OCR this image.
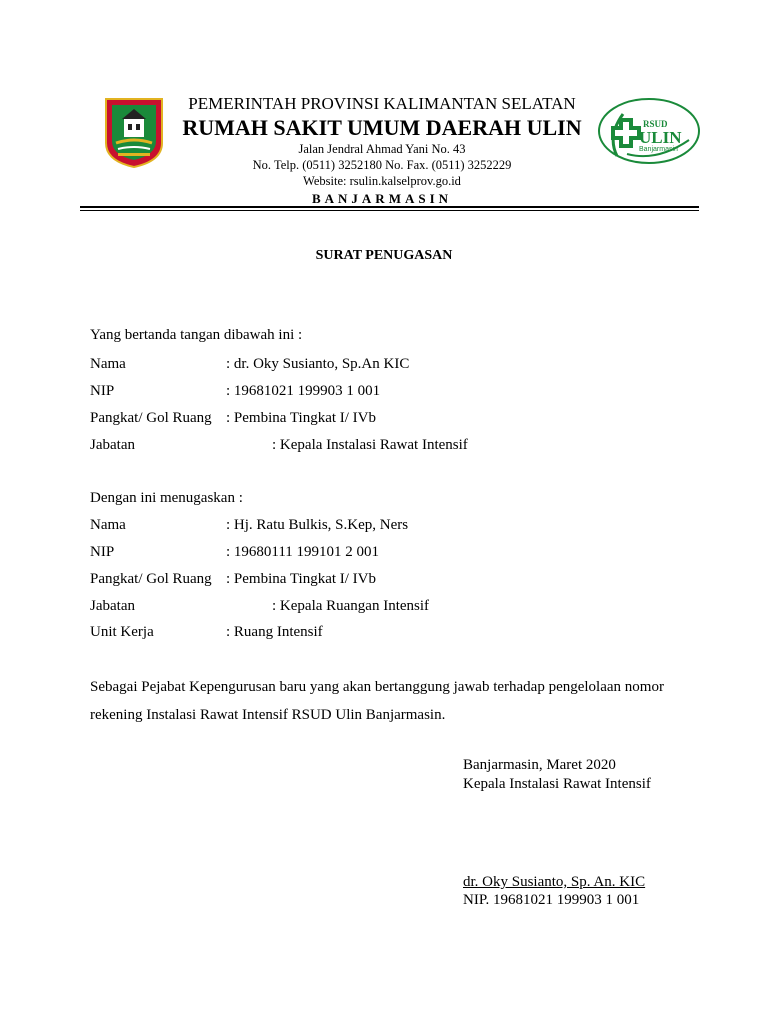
PEMERINTAH PROVINSI KALIMANTAN SELATAN
RUMAH SAKIT UMUM DAERAH ULIN
Jalan Jendral Ahmad Yani No. 43
No. Telp. (0511) 3252180 No. Fax. (0511) 3252229
Website: rsulin.kalselprov.go.id
BANJARMASIN
RSUD
ULIN
Banjarmasin
SURAT PENUGASAN
Yang bertanda tangan dibawah ini :
Nama	: dr. Oky Susianto, Sp.An KIC
NIP	: 19681021 199903 1 001
Pangkat/ Gol Ruang : Pembina Tingkat I/ IVb
Jabatan	: Kepala Instalasi Rawat Intensif
Dengan ini menugaskan :
Nama	: Hj. Ratu Bulkis, S.Kep, Ners
NIP	: 19680111 199101 2 001
Pangkat/ Gol Ruang : Pembina Tingkat I/ IVb
Jabatan	: Kepala Ruangan Intensif
Unit Kerja	: Ruang Intensif
Sebagai Pejabat Kepengurusan baru yang akan bertanggung jawab terhadap pengelolaan nomor
rekening Instalasi Rawat Intensif RSUD Ulin Banjarmasin.
Banjarmasin, Maret 2020
Kepala Instalasi Rawat Intensif
dr. Oky Susianto, Sp. An. KIC
NIP. 19681021 199903 1 001
